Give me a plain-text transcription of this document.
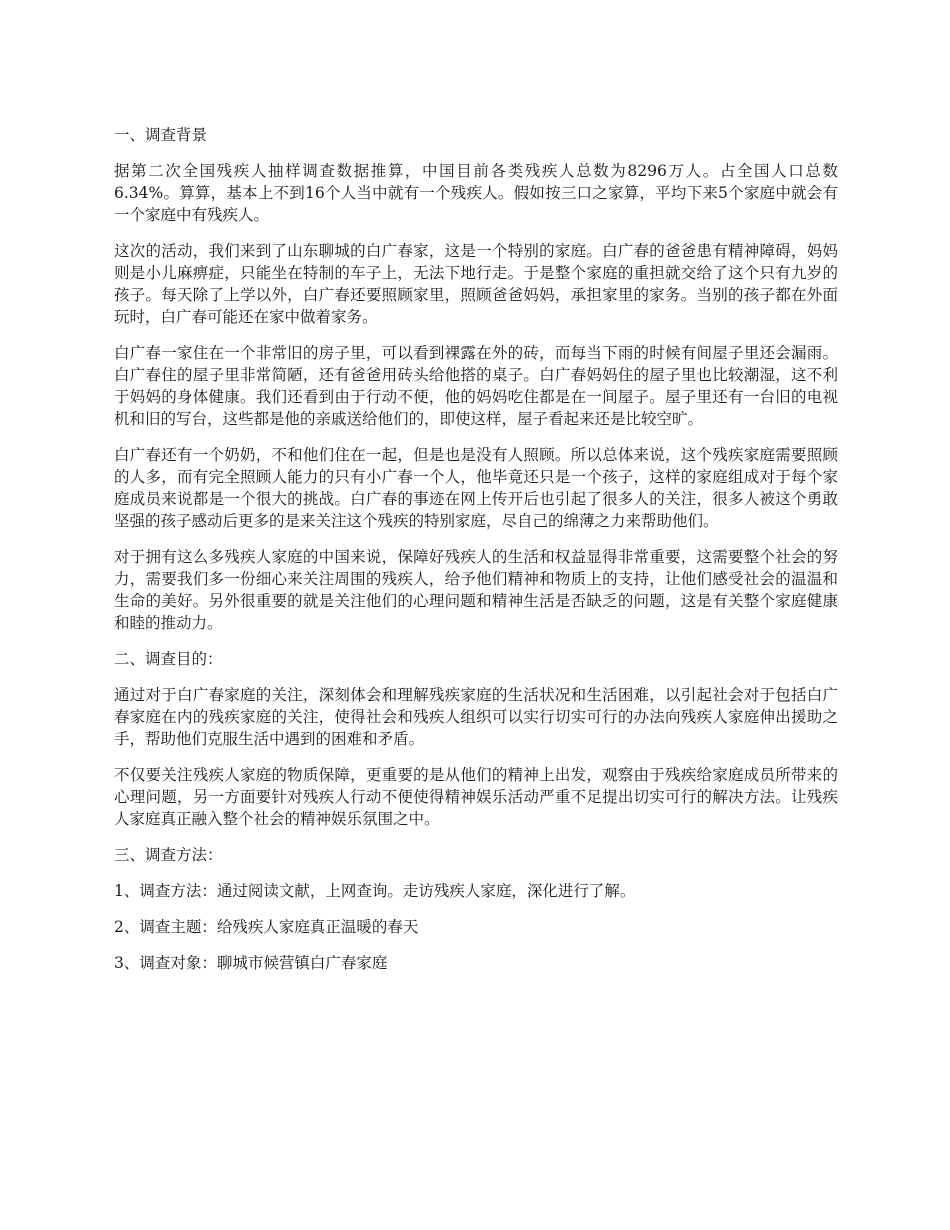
一、调查背景

据第二次全国残疾人抽样调查数据推算，中国目前各类残疾人总数为8296万人。占全国人口总数6.34%。算算，基本上不到16个人当中就有一个残疾人。假如按三口之家算，平均下来5个家庭中就会有一个家庭中有残疾人。

这次的活动，我们来到了山东聊城的白广春家，这是一个特别的家庭。白广春的爸爸患有精神障碍，妈妈则是小儿麻痹症，只能坐在特制的车子上，无法下地行走。于是整个家庭的重担就交给了这个只有九岁的孩子。每天除了上学以外，白广春还要照顾家里，照顾爸爸妈妈，承担家里的家务。当别的孩子都在外面玩时，白广春可能还在家中做着家务。

白广春一家住在一个非常旧的房子里，可以看到裸露在外的砖，而每当下雨的时候有间屋子里还会漏雨。白广春住的屋子里非常简陋，还有爸爸用砖头给他搭的桌子。白广春妈妈住的屋子里也比较潮湿，这不利于妈妈的身体健康。我们还看到由于行动不便，他的妈妈吃住都是在一间屋子。屋子里还有一台旧的电视机和旧的写台，这些都是他的亲戚送给他们的，即使这样，屋子看起来还是比较空旷。

白广春还有一个奶奶，不和他们住在一起，但是也是没有人照顾。所以总体来说，这个残疾家庭需要照顾的人多，而有完全照顾人能力的只有小广春一个人，他毕竟还只是一个孩子，这样的家庭组成对于每个家庭成员来说都是一个很大的挑战。白广春的事迹在网上传开后也引起了很多人的关注，很多人被这个勇敢坚强的孩子感动后更多的是来关注这个残疾的特别家庭，尽自己的绵薄之力来帮助他们。

对于拥有这么多残疾人家庭的中国来说，保障好残疾人的生活和权益显得非常重要，这需要整个社会的努力，需要我们多一份细心来关注周围的残疾人，给予他们精神和物质上的支持，让他们感受社会的温温和生命的美好。另外很重要的就是关注他们的心理问题和精神生活是否缺乏的问题，这是有关整个家庭健康和睦的推动力。

二、调查目的：

通过对于白广春家庭的关注，深刻体会和理解残疾家庭的生活状况和生活困难，以引起社会对于包括白广春家庭在内的残疾家庭的关注，使得社会和残疾人组织可以实行切实可行的办法向残疾人家庭伸出援助之手，帮助他们克服生活中遇到的困难和矛盾。

不仅要关注残疾人家庭的物质保障，更重要的是从他们的精神上出发，观察由于残疾给家庭成员所带来的心理问题，另一方面要针对残疾人行动不便使得精神娱乐活动严重不足提出切实可行的解决方法。让残疾人家庭真正融入整个社会的精神娱乐氛围之中。

三、调查方法：

1、调查方法：通过阅读文献，上网查询。走访残疾人家庭，深化进行了解。

2、调查主题：给残疾人家庭真正温暖的春天

3、调查对象：聊城市候营镇白广春家庭
